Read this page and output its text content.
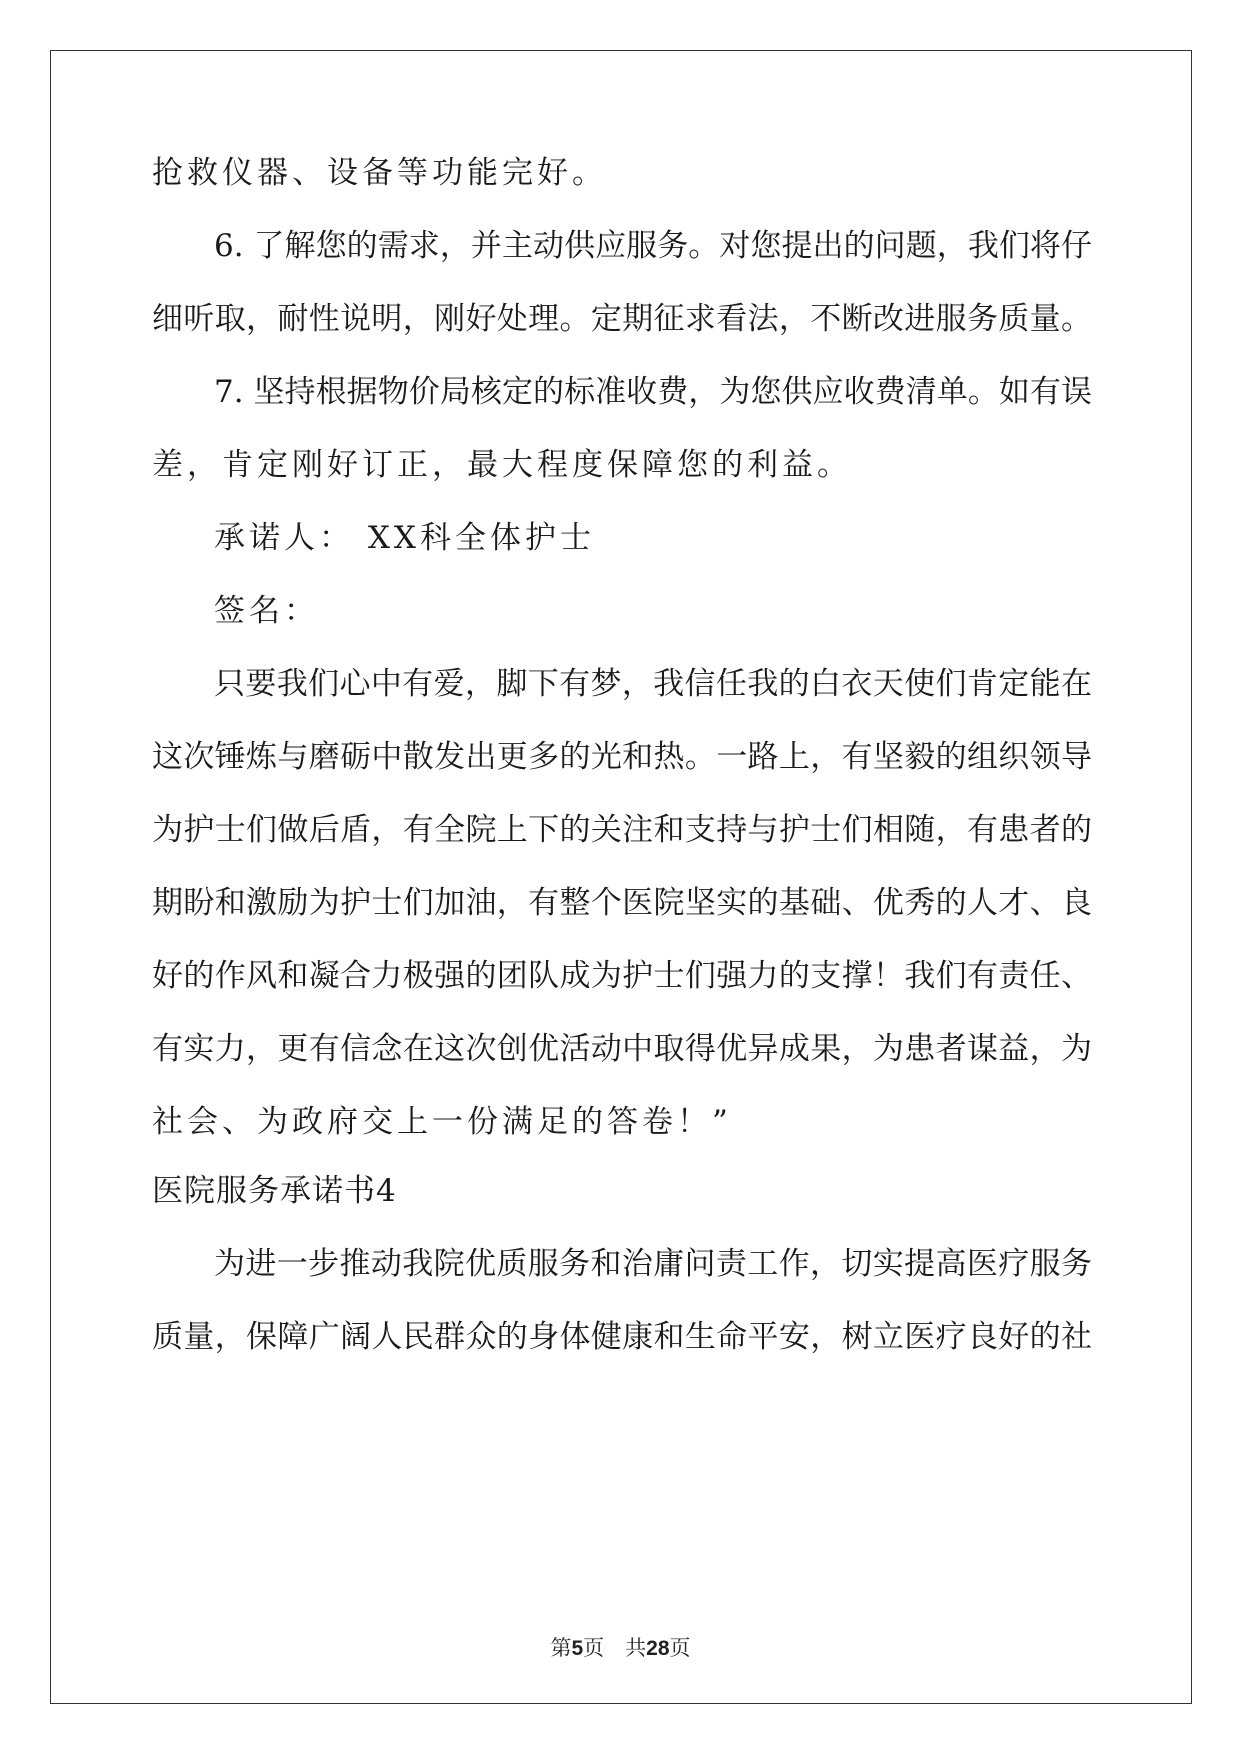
抢救仪器、设备等功能完好。
6. 了解您的需求，并主动供应服务。对您提出的问题，我们将仔
细听取，耐性说明，刚好处理。定期征求看法，不断改进服务质量。
7. 坚持根据物价局核定的标准收费，为您供应收费清单。如有误
差，肯定刚好订正，最大程度保障您的利益。
承诺人： XX科全体护士
签名：
只要我们心中有爱，脚下有梦，我信任我的白衣天使们肯定能在
这次锤炼与磨砺中散发出更多的光和热。一路上，有坚毅的组织领导
为护士们做后盾，有全院上下的关注和支持与护士们相随，有患者的
期盼和激励为护士们加油，有整个医院坚实的基础、优秀的人才、良
好的作风和凝合力极强的团队成为护士们强力的支撑！我们有责任、
有实力，更有信念在这次创优活动中取得优异成果，为患者谋益，为
社会、为政府交上一份满足的答卷！”
医院服务承诺书4
为进一步推动我院优质服务和治庸问责工作，切实提高医疗服务
质量，保障广阔人民群众的身体健康和生命平安，树立医疗良好的社
第5页　共28页
